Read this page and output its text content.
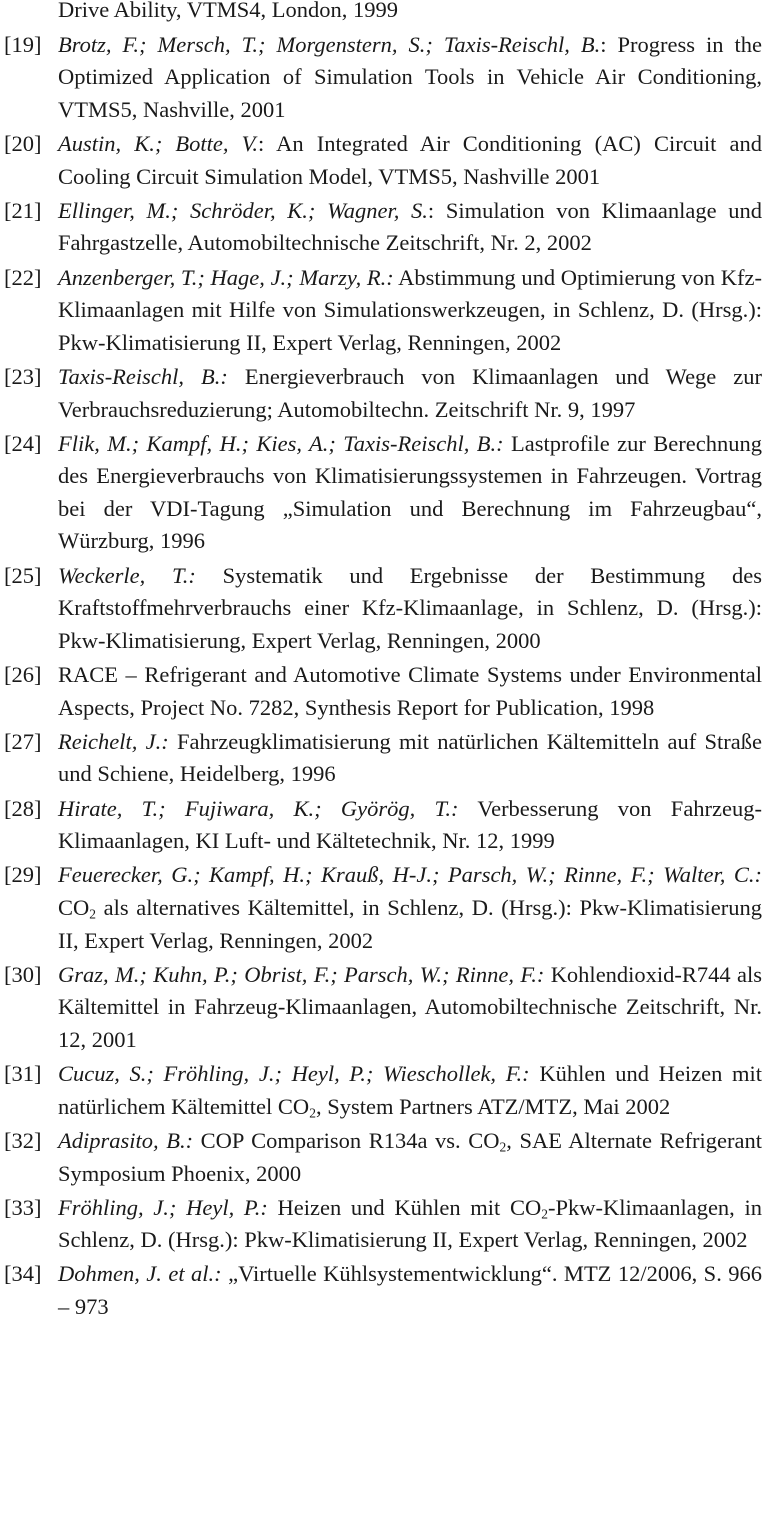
Drive Ability, VTMS4, London, 1999
[19] Brotz, F.; Mersch, T.; Morgenstern, S.; Taxis-Reischl, B.: Progress in the Optimized Application of Simulation Tools in Vehicle Air Conditioning, VTMS5, Nashville, 2001
[20] Austin, K.; Botte, V.: An Integrated Air Conditioning (AC) Circuit and Cooling Circuit Simulation Model, VTMS5, Nashville 2001
[21] Ellinger, M.; Schröder, K.; Wagner, S.: Simulation von Klimaanlage und Fahrgastzelle, Automobiltechnische Zeitschrift, Nr. 2, 2002
[22] Anzenberger, T.; Hage, J.; Marzy, R.: Abstimmung und Optimierung von Kfz-Klimaanlagen mit Hilfe von Simulationswerkzeugen, in Schlenz, D. (Hrsg.): Pkw-Klimatisierung II, Expert Verlag, Renningen, 2002
[23] Taxis-Reischl, B.: Energieverbrauch von Klimaanlagen und Wege zur Verbrauchsreduzierung; Automobiltechn. Zeitschrift Nr. 9, 1997
[24] Flik, M.; Kampf, H.; Kies, A.; Taxis-Reischl, B.: Lastprofile zur Berechnung des Energieverbrauchs von Klimatisierungssystemen in Fahrzeugen. Vortrag bei der VDI-Tagung „Simulation und Berechnung im Fahrzeugbau“, Würzburg, 1996
[25] Weckerle, T.: Systematik und Ergebnisse der Bestimmung des Kraftstoffmehrverbrauchs einer Kfz-Klimaanlage, in Schlenz, D. (Hrsg.): Pkw-Klimatisierung, Expert Verlag, Renningen, 2000
[26] RACE – Refrigerant and Automotive Climate Systems under Environmental Aspects, Project No. 7282, Synthesis Report for Publication, 1998
[27] Reichelt, J.: Fahrzeugklimatisierung mit natürlichen Kältemitteln auf Straße und Schiene, Heidelberg, 1996
[28] Hirate, T.; Fujiwara, K.; Györög, T.: Verbesserung von Fahrzeug-Klimaanlagen, KI Luft- und Kältetechnik, Nr. 12, 1999
[29] Feuerecker, G.; Kampf, H.; Krauß, H-J.; Parsch, W.; Rinne, F.; Walter, C.: $CO_2$ als alternatives Kältemittel, in Schlenz, D. (Hrsg.): Pkw-Klimatisierung II, Expert Verlag, Renningen, 2002
[30] Graz, M.; Kuhn, P.; Obrist, F.; Parsch, W.; Rinne, F.: Kohlendioxid-R744 als Kältemittel in Fahrzeug-Klimaanlagen, Automobiltechnische Zeitschrift, Nr. 12, 2001
[31] Cucuz, S.; Fröhling, J.; Heyl, P.; Wieschollek, F.: Kühlen und Heizen mit natürlichem Kältemittel $CO_2$, System Partners ATZ/MTZ, Mai 2002
[32] Adiprasito, B.: COP Comparison R134a vs. $CO_2$, SAE Alternate Refrigerant Symposium Phoenix, 2000
[33] Fröhling, J.; Heyl, P.: Heizen und Kühlen mit $CO_2-Pkw$-Klimaanlagen, in Schlenz, D. (Hrsg.): Pkw-Klimatisierung II, Expert Verlag, Renningen, 2002
[34] Dohmen, J. et al.: „Virtuelle Kühlsystementwicklung“. MTZ 12/2006, S. 966 – 973
